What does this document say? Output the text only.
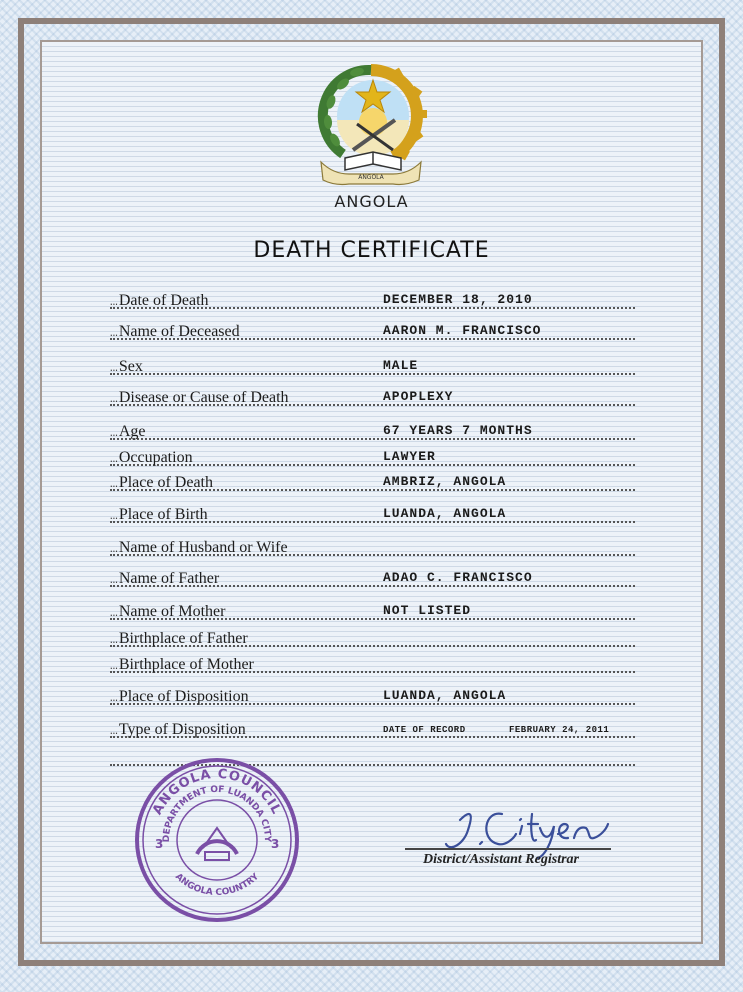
ANGOLA
ANGOLA
DEATH CERTIFICATE
… Date of Death	DECEMBER 18, 2010
… Name of Deceased	AARON M. FRANCISCO
… Sex	MALE
… Disease or Cause of Death	APOPLEXY
… Age	67 YEARS 7 MONTHS
… Occupation	LAWYER
… Place of Death	AMBRIZ, ANGOLA
… Place of Birth	LUANDA, ANGOLA
… Name of Husband or Wife
… Name of Father	ADAO C. FRANCISCO
… Name of Mother	NOT LISTED
… Birthplace of Father
… Birthplace of Mother
… Place of Disposition	LUANDA, ANGOLA
… Type of Disposition	DATE OF RECORD	FEBRUARY 24, 2011
ANGOLA COUNCIL
DEPARTMENT OF LUANDA CITY
ANGOLA COUNTRY
3	3
District/Assistant Registrar
